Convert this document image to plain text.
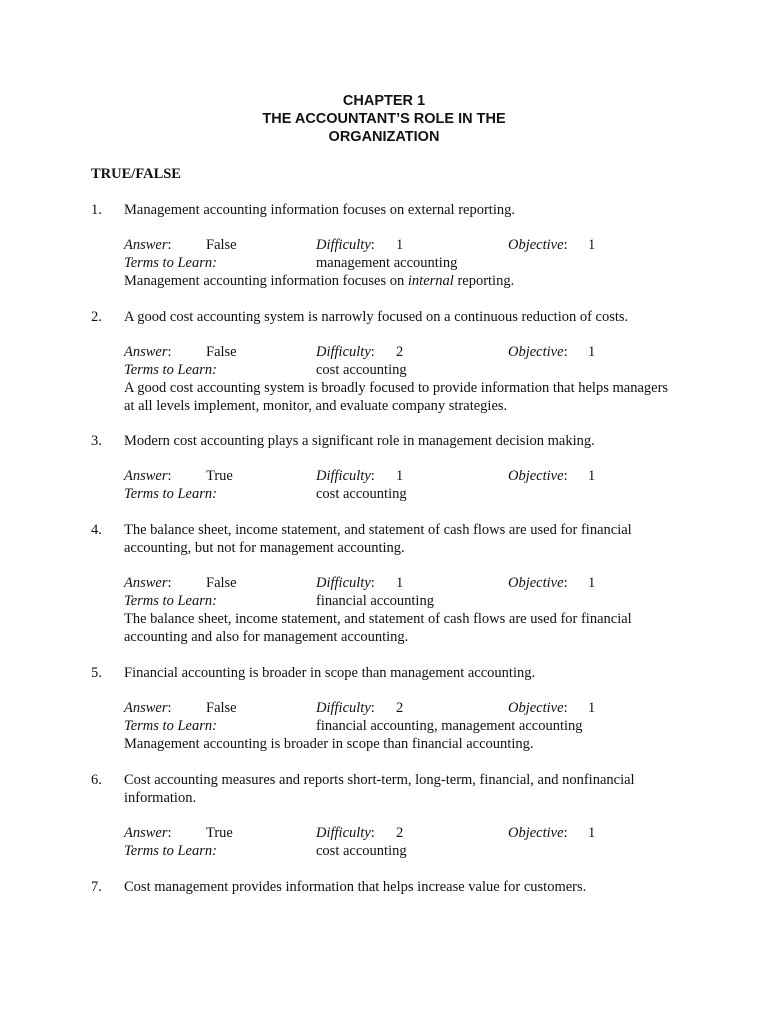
CHAPTER 1
THE ACCOUNTANT’S ROLE IN THE
ORGANIZATION
TRUE/FALSE
1.	Management accounting information focuses on external reporting.
Answer: False	Difficulty: 1	Objective: 1
Terms to Learn:	management accounting
Management accounting information focuses on internal reporting.
2.	A good cost accounting system is narrowly focused on a continuous reduction of costs.
Answer: False	Difficulty: 2	Objective: 1
Terms to Learn:	cost accounting
A good cost accounting system is broadly focused to provide information that helps managers at all levels implement, monitor, and evaluate company strategies.
3.	Modern cost accounting plays a significant role in management decision making.
Answer: True	Difficulty: 1	Objective: 1
Terms to Learn:	cost accounting
4.	The balance sheet, income statement, and statement of cash flows are used for financial accounting, but not for management accounting.
Answer: False	Difficulty: 1	Objective: 1
Terms to Learn:	financial accounting
The balance sheet, income statement, and statement of cash flows are used for financial accounting and also for management accounting.
5.	Financial accounting is broader in scope than management accounting.
Answer: False	Difficulty: 2	Objective: 1
Terms to Learn:	financial accounting, management accounting
Management accounting is broader in scope than financial accounting.
6.	Cost accounting measures and reports short-term, long-term, financial, and nonfinancial information.
Answer: True	Difficulty: 2	Objective: 1
Terms to Learn:	cost accounting
7.	Cost management provides information that helps increase value for customers.
